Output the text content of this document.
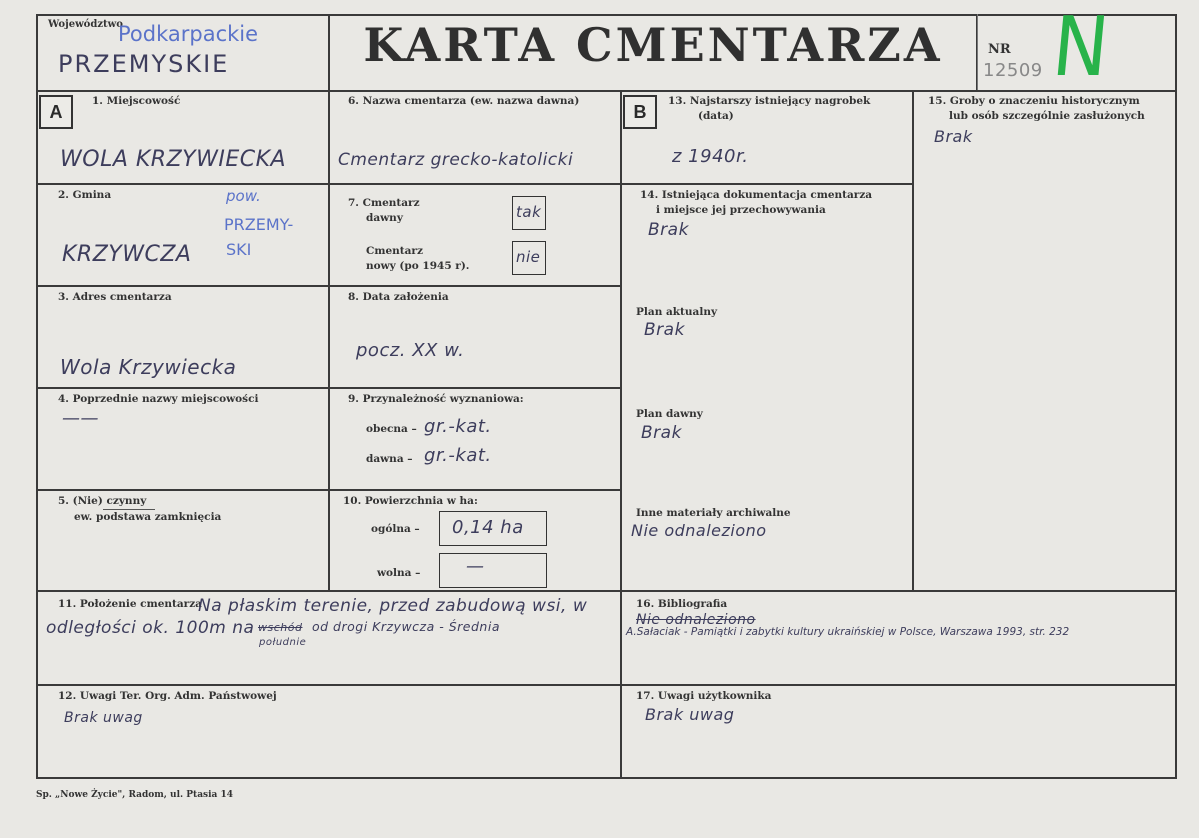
Województwo
Podkarpackie
PRZEMYSKIE	KARTA CMENTARZA	NR
12509 N
A
1. Miejscowość
WOLA KRZYWIECKA
2. Gmina
KRZYWCZA
pow.
PRZEMY-
SKI
3. Adres cmentarza
Wola Krzywiecka
4. Poprzednie nazwy miejscowości
——
5. (Nie) czynny
ew. podstawa zamknięcia
6. Nazwa cmentarza (ew. nazwa dawna)
Cmentarz grecko-katolicki
7. Cmentarz
dawny	tak
Cmentarz
nowy (po 1945 r).	nie
8. Data założenia
pocz. XX w.
9. Przynależność wyznaniowa:
obecna – gr.-kat.
dawna – gr.-kat.
10. Powierzchnia w ha:
ogólna – 0,14 ha
wolna –	—
11. Położenie cmentarza
Na płaskim terenie, przed zabudową wsi, w
odległości ok. 100m na wschód od drogi Krzywcza - Średnia
południe
12. Uwagi Ter. Org. Adm. Państwowej
Brak uwag
B
13. Najstarszy istniejący nagrobek
(data)
z 1940r.
14. Istniejąca dokumentacja cmentarza
i miejsce jej przechowywania
Brak
Plan aktualny
Brak
Plan dawny
Brak
Inne materiały archiwalne
Nie odnaleziono
15. Groby o znaczeniu historycznym
lub osób szczególnie zasłużonych
Brak
16. Bibliografia
Nie odnaleziono
A.Sałaciak - Pamiątki i zabytki kultury ukraińskiej w Polsce, Warszawa 1993, str. 232
17. Uwagi użytkownika
Brak uwag
Sp. „Nowe Życie", Radom, ul. Ptasia 14
